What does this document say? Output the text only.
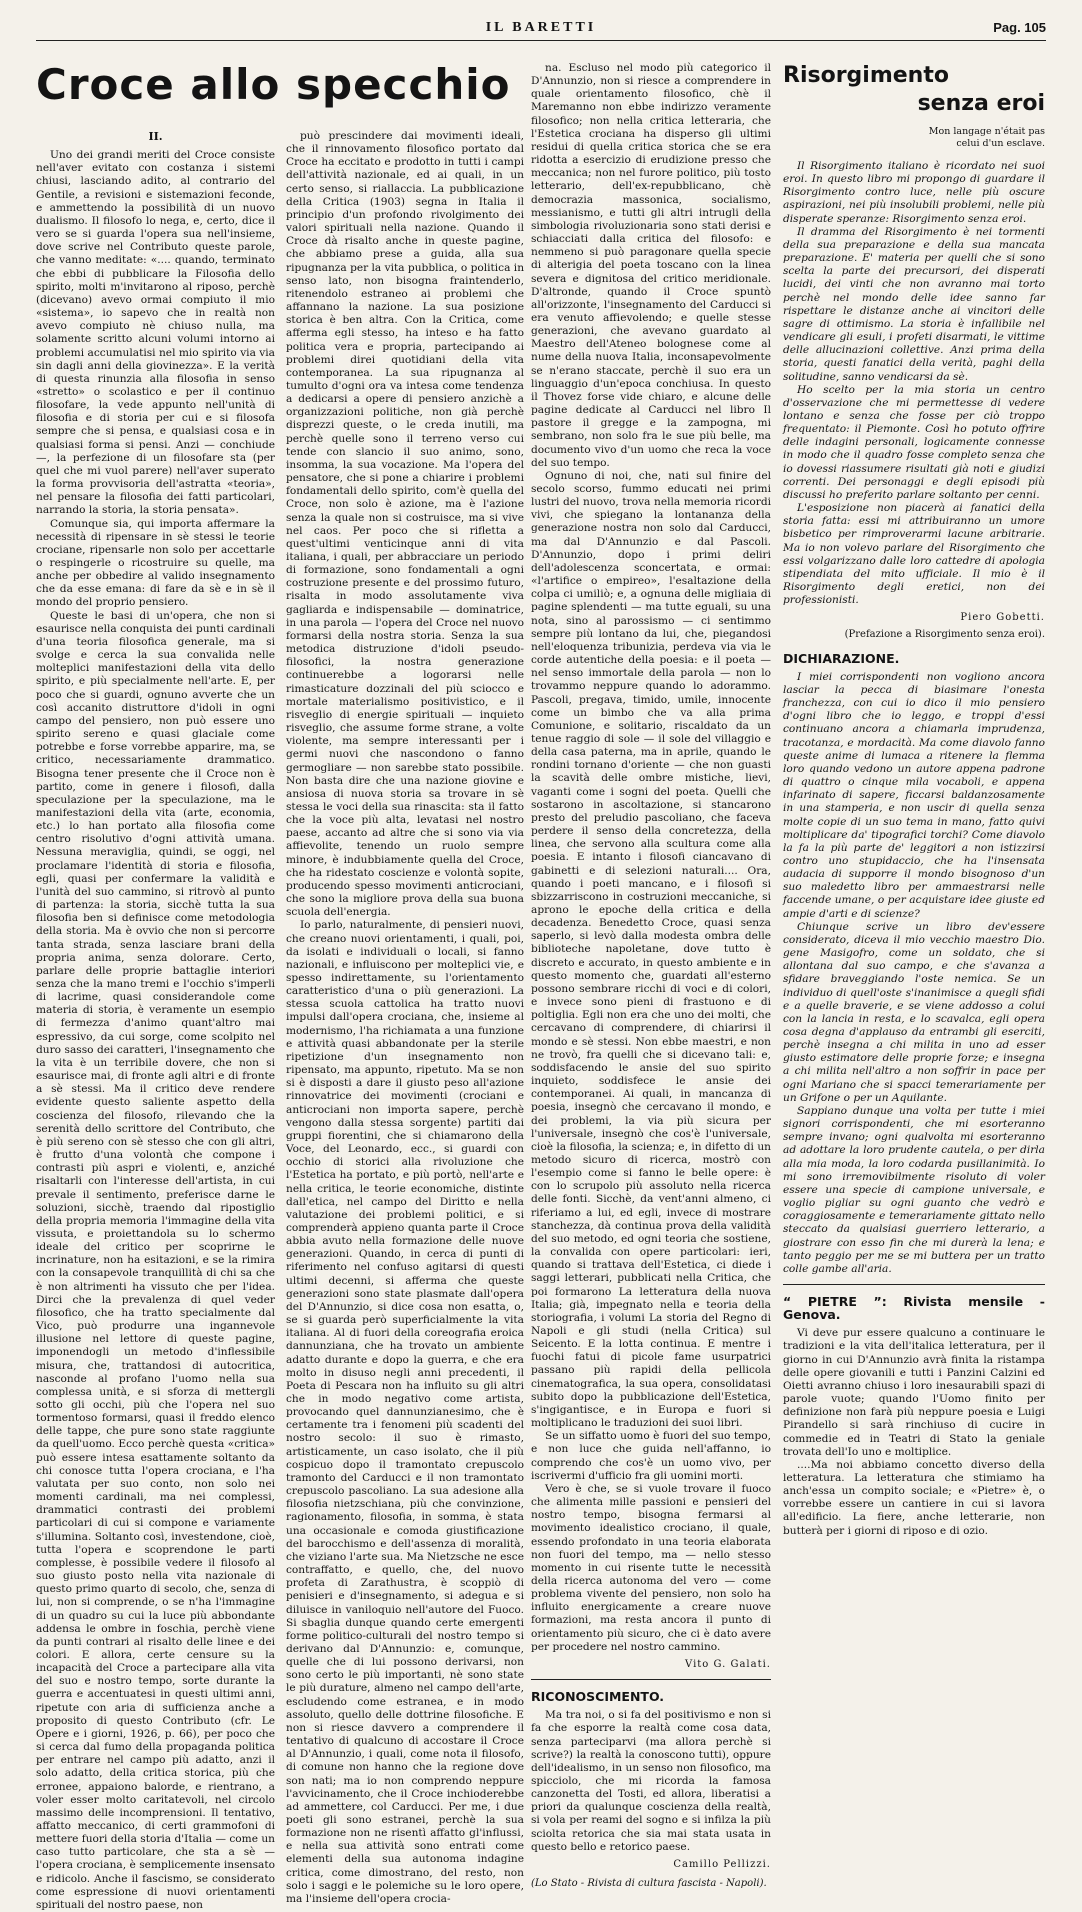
IL BARETTI	Pag. 105
Croce allo specchio
II.

Uno dei grandi meriti del Croce consiste nell'aver evitato con costanza i sistemi chiusi, lasciando adito, al contrario del Gentile, a revisioni e sistemazioni feconde, e ammettendo la possibilità di un nuovo dualismo. Il filosofo lo nega, e, certo, dice il vero se si guarda l'opera sua nell'insieme, dove scrive nel Contributo queste parole, che vanno meditate: «.... quando, terminato che ebbi di pubblicare la Filosofia dello spirito, molti m'invitarono al riposo, perchè (dicevano) avevo ormai compiuto il mio «sistema», io sapevo che in realtà non avevo compiuto nè chiuso nulla, ma solamente scritto alcuni volumi intorno ai problemi accumulatisi nel mio spirito via via sin dagli anni della giovinezza». E la verità di questa rinunzia alla filosofia in senso «stretto» o scolastico e per il continuo filosofare, la vede appunto nell'unità di filosofia e di storia per cui e si filosofa sempre che si pensa, e qualsiasi cosa e in qualsiasi forma si pensi. Anzi — conchiude —, la perfezione di un filosofare sta (per quel che mi vuol parere) nell'aver superato la forma provvisoria dell'astratta «teoria», nel pensare la filosofia dei fatti particolari, narrando la storia, la storia pensata».

Comunque sia, qui importa affermare la necessità di ripensare in sè stessi le teorie crociane, ripensarle non solo per accettarle o respingerle o ricostruire su quelle, ma anche per obbedire al valido insegnamento che da esse emana: di fare da sè e in sè il mondo del proprio pensiero.

Queste le basi di un'opera, che non si esaurisce nella conquista dei punti cardinali d'una teoria filosofica generale, ma si svolge e cerca la sua convalida nelle molteplici manifestazioni della vita dello spirito, e più specialmente nell'arte. E, per poco che si guardi, ognuno avverte che un così accanito distruttore d'idoli in ogni campo del pensiero, non può essere uno spirito sereno e quasi glaciale come potrebbe e forse vorrebbe apparire, ma, se critico, necessariamente drammatico. Bisogna tener presente che il Croce non è partito, come in genere i filosofi, dalla speculazione per la speculazione, ma le manifestazioni della vita (arte, economia, etc.) lo han portato alla filosofia come centro risolutivo d'ogni attività umana. Nessuna meraviglia, quindi, se oggi, nel proclamare l'identità di storia e filosofia, egli, quasi per confermare la validità e l'unità del suo cammino, si ritrovò al punto di partenza: la storia, sicchè tutta la sua filosofia ben si definisce come metodologia della storia. Ma è ovvio che non si percorre tanta strada, senza lasciare brani della propria anima, senza dolorare. Certo, parlare delle proprie battaglie interiori senza che la mano tremi e l'occhio s'imperli di lacrime, quasi considerandole come materia di storia, è veramente un esempio di fermezza d'animo quant'altro mai espressivo, da cui sorge, come scolpito nel duro sasso dei caratteri, l'insegnamento che la vita è un terribile dovere, che non si esaurisce mai, di fronte agli altri e di fronte a sè stessi. Ma il critico deve rendere evidente questo saliente aspetto della coscienza del filosofo, rilevando che la serenità dello scrittore del Contributo, che è più sereno con sè stesso che con gli altri, è frutto d'una volontà che compone i contrasti più aspri e violenti, e, anziché risaltarli con l'interesse dell'artista, in cui prevale il sentimento, preferisce darne le soluzioni, sicchè, traendo dal ripostiglio della propria memoria l'immagine della vita vissuta, e proiettandola su lo schermo ideale del critico per scoprirne le incrinature, non ha esitazioni, e se la rimira con la consapevole tranquillità di chi sa che è non altrimenti ha vissuto che per l'idea. Dirci che la prevalenza di quel veder filosofico, che ha tratto specialmente dal Vico, può produrre una ingannevole illusione nel lettore di queste pagine, imponendogli un metodo d'inflessibile misura, che, trattandosi di autocritica, nasconde al profano l'uomo nella sua complessa unità, e si sforza di mettergli sotto gli occhi, più che l'opera nel suo tormentoso formarsi, quasi il freddo elenco delle tappe, che pure sono state raggiunte da quell'uomo. Ecco perchè questa «critica» può essere intesa esattamente soltanto da chi conosce tutta l'opera crociana, e l'ha valutata per suo conto, non solo nei momenti cardinali, ma nei complessi, drammatici contrasti dei problemi particolari di cui si compone e variamente s'illumina. Soltanto così, investendone, cioè, tutta l'opera e scoprendone le parti complesse, è possibile vedere il filosofo al suo giusto posto nella vita nazionale di questo primo quarto di secolo, che, senza di lui, non si comprende, o se n'ha l'immagine di un quadro su cui la luce più abbondante addensa le ombre in foschia, perchè viene da punti contrari al risalto delle linee e dei colori. E allora, certe censure su la incapacità del Croce a partecipare alla vita del suo e nostro tempo, sorte durante la guerra e accentuatesi in questi ultimi anni, ripetute con aria di sufficienza anche a proposito di questo Contributo (cfr. Le Opere e i giorni, 1926, p. 66), per poco che si cerca dal fumo della propaganda politica per entrare nel campo più adatto, anzi il solo adatto, della critica storica, più che erronee, appaiono balorde, e rientrano, a voler esser molto caritatevoli, nel circolo massimo delle incomprensioni. Il tentativo, affatto meccanico, di certi grammofoni di mettere fuori della storia d'Italia — come un caso tutto particolare, che sta a sè — l'opera crociana, è semplicemente insensato e ridicolo. Anche il fascismo, se considerato come espressione di nuovi orientamenti spirituali del nostro paese, non

può prescindere dai movimenti ideali, che il rinnovamento filosofico portato dal Croce ha eccitato e prodotto in tutti i campi dell'attività nazionale, ed ai quali, in un certo senso, si riallaccia. La pubblicazione della Critica (1903) segna in Italia il principio d'un profondo rivolgimento dei valori spirituali nella nazione. Quando il Croce dà risalto anche in queste pagine, che abbiamo prese a guida, alla sua ripugnanza per la vita pubblica, o politica in senso lato, non bisogna fraintenderlo, ritenendolo estraneo ai problemi che affannano la nazione. La sua posizione storica è ben altra. Con la Critica, come afferma egli stesso, ha inteso e ha fatto politica vera e propria, partecipando ai problemi direi quotidiani della vita contemporanea. La sua ripugnanza al tumulto d'ogni ora va intesa come tendenza a dedicarsi a opere di pensiero anzichè a organizzazioni politiche, non già perchè disprezzi queste, o le creda inutili, ma perchè quelle sono il terreno verso cui tende con slancio il suo animo, sono, insomma, la sua vocazione. Ma l'opera del pensatore, che si pone a chiarire i problemi fondamentali dello spirito, com'è quella del Croce, non solo è azione, ma è l'azione senza la quale non si costruisce, ma si vive nel caos. Per poco che si rifletta a quest'ultimi venticinque anni di vita italiana, i quali, per abbracciare un periodo di formazione, sono fondamentali a ogni costruzione presente e del prossimo futuro, risalta in modo assolutamente viva gagliarda e indispensabile — dominatrice, in una parola — l'opera del Croce nel nuovo formarsi della nostra storia. Senza la sua metodica distruzione d'idoli pseudo-filosofici, la nostra generazione continuerebbe a logorarsi nelle rimasticature dozzinali del più sciocco e mortale materialismo positivistico, e il risveglio di energie spirituali — inquieto risveglio, che assume forme strane, a volte violente, ma sempre interessanti per i germi nuovi che nascondono o fanno germogliare — non sarebbe stato possibile. Non basta dire che una nazione giovine e ansiosa di nuova storia sa trovare in sè stessa le voci della sua rinascita: sta il fatto che la voce più alta, levatasi nel nostro paese, accanto ad altre che si sono via via affievolite, tenendo un ruolo sempre minore, è indubbiamente quella del Croce, che ha ridestato coscienze e volontà sopite, producendo spesso movimenti anticrociani, che sono la migliore prova della sua buona scuola dell'energia.

Io parlo, naturalmente, di pensieri nuovi, che creano nuovi orientamenti, i quali, poi, da isolati e individuali o locali, si fanno nazionali, e influiscono per molteplici vie, e spesso indirettamente, su l'orientamento caratteristico d'una o più generazioni. La stessa scuola cattolica ha tratto nuovi impulsi dall'opera crociana, che, insieme al modernismo, l'ha richiamata a una funzione e attività quasi abbandonate per la sterile ripetizione d'un insegnamento non ripensato, ma appunto, ripetuto. Ma se non si è disposti a dare il giusto peso all'azione rinnovatrice dei movimenti (crociani e anticrociani non importa sapere, perchè vengono dalla stessa sorgente) partiti dai gruppi fiorentini, che si chiamarono della Voce, del Leonardo, ecc., si guardi con occhio di storici alla rivoluzione che l'Estetica ha portato, e più portò, nell'arte e nella critica, le teorie economiche, distinte dall'etica, nel campo del Diritto e nella valutazione dei problemi politici, e si comprenderà appieno quanta parte il Croce abbia avuto nella formazione delle nuove generazioni. Quando, in cerca di punti di riferimento nel confuso agitarsi di questi ultimi decenni, si afferma che queste generazioni sono state plasmate dall'opera del D'Annunzio, si dice cosa non esatta, o, se si guarda però superficialmente la vita italiana. Al di fuori della coreografia eroica dannunziana, che ha trovato un ambiente adatto durante e dopo la guerra, e che era molto in disuso negli anni precedenti, il Poeta di Pescara non ha influito su gli altri che in modo negativo come artista, provocando quel dannunzianesimo, che è certamente tra i fenomeni più scadenti del nostro secolo: il suo è rimasto, artisticamente, un caso isolato, che il più cospicuo dopo il tramontato crepuscolo tramonto del Carducci e il non tramontato crepuscolo pascoliano. La sua adesione alla filosofia nietzschiana, più che convinzione, ragionamento, filosofia, in somma, è stata una occasionale e comoda giustificazione del barocchismo e dell'assenza di moralità, che viziano l'arte sua. Ma Nietzsche ne esce contraffatto, e quello, che, del nuovo profeta di Zarathustra, è scoppiò di penisieri e d'insegnamento, si adegua e si diluisce in vaniloquio nell'autore del Fuoco. Si sbaglia dunque quando certe emergenti forme politico-culturali del nostro tempo si derivano dal D'Annunzio: e, comunque, quelle che di lui possono derivarsi, non sono certo le più importanti, nè sono state le più durature, almeno nel campo dell'arte, escludendo come estranea, e in modo assoluto, quello delle dottrine filosofiche. E non si riesce davvero a comprendere il tentativo di qualcuno di accostare il Croce al D'Annunzio, i quali, come nota il filosofo, di comune non hanno che la regione dove son nati; ma io non comprendo neppure l'avvicinamento, che il Croce inchioderebbe ad ammettere, col Carducci. Per me, i due poeti gli sono estranei, perchè la sua formazione non ne risentì affatto gl'influssi, e nella sua attività sono entrati come elementi della sua autonoma indagine critica, come dimostrano, del resto, non solo i saggi e le polemiche su le loro opere, ma l'insieme dell'opera crocia-

na. Escluso nel modo più categorico il D'Annunzio, non si riesce a comprendere in quale orientamento filosofico, chè il Maremanno non ebbe indirizzo veramente filosofico; non nella critica letteraria, che l'Estetica crociana ha disperso gli ultimi residui di quella critica storica che se era ridotta a esercizio di erudizione presso che meccanica; non nel furore politico, più tosto letterario, dell'ex-repubblicano, chè democrazia massonica, socialismo, messianismo, e tutti gli altri intrugli della simbologia rivoluzionaria sono stati derisi e schiacciati dalla critica del filosofo: e nemmeno si può paragonare quella specie di alterigia del poeta toscano con la linea severa e dignitosa del critico meridionale. D'altronde, quando il Croce spuntò all'orizzonte, l'insegnamento del Carducci si era venuto affievolendo; e quelle stesse generazioni, che avevano guardato al Maestro dell'Ateneo bolognese come al nume della nuova Italia, inconsapevolmente se n'erano staccate, perchè il suo era un linguaggio d'un'epoca conchiusa. In questo il Thovez forse vide chiaro, e alcune delle pagine dedicate al Carducci nel libro Il pastore il gregge e la zampogna, mi sembrano, non solo fra le sue più belle, ma documento vivo d'un uomo che reca la voce del suo tempo.

Ognuno di noi, che, nati sul finire del secolo scorso, fummo educati nei primi lustri del nuovo, trova nella memoria ricordi vivi, che spiegano la lontananza della generazione nostra non solo dal Carducci, ma dal D'Annunzio e dal Pascoli. D'Annunzio, dopo i primi deliri dell'adolescenza sconcertata, e ormai: «l'artifice o empireo», l'esaltazione della colpa ci umiliò; e, a ognuna delle migliaia di pagine splendenti — ma tutte eguali, su una nota, sino al parossismo — ci sentimmo sempre più lontano da lui, che, piegandosi nell'eloquenza tribunizia, perdeva via via le corde autentiche della poesia: e il poeta — nel senso immortale della parola — non lo trovammo neppure quando lo adorammo. Pascoli, pregava, timido, umile, innocente come un bimbo che va alla prima Comunione, e solitario, riscaldato da un tenue raggio di sole — il sole del villaggio e della casa paterna, ma in aprile, quando le rondini tornano d'oriente — che non guasti la scavità delle ombre mistiche, lievi, vaganti come i sogni del poeta. Quelli che sostarono in ascoltazione, si stancarono presto del preludio pascoliano, che faceva perdere il senso della concretezza, della linea, che servono alla scultura come alla poesia. E intanto i filosofi ciancavano di gabinetti e di selezioni naturali.... Ora, quando i poeti mancano, e i filosofi si sbizzarriscono in costruzioni meccaniche, si aprono le epoche della critica e della decadenza. Benedetto Croce, quasi senza saperlo, si levò dalla modesta ombra delle biblioteche napoletane, dove tutto è discreto e accurato, in questo ambiente e in questo momento che, guardati all'esterno possono sembrare ricchi di voci e di colori, e invece sono pieni di frastuono e di poltiglia. Egli non era che uno dei molti, che cercavano di comprendere, di chiarirsi il mondo e sè stessi. Non ebbe maestri, e non ne trovò, fra quelli che si dicevano tali: e, soddisfacendo le ansie del suo spirito inquieto, soddisfece le ansie dei contemporanei. Ai quali, in mancanza di poesia, insegnò che cercavano il mondo, e dei problemi, la via più sicura per l'universale, insegnò che cos'è l'universale, cioè la filosofia, la scienza; e, in difetto di un metodo sicuro di ricerca, mostrò con l'esempio come si fanno le belle opere: è con lo scrupolo più assoluto nella ricerca delle fonti. Sicchè, da vent'anni almeno, ci riferiamo a lui, ed egli, invece di mostrare stanchezza, dà continua prova della validità del suo metodo, ed ogni teoria che sostiene, la convalida con opere particolari: ieri, quando si trattava dell'Estetica, ci diede i saggi letterari, pubblicati nella Critica, che poi formarono La letteratura della nuova Italia; già, impegnato nella e teoria della storiografia, i volumi La storia del Regno di Napoli e gli studi (nella Critica) sul Seicento. E la lotta continua. E mentre i fuochi fatui di picole fame usurpatrici passano più rapidi della pellicola cinematografica, la sua opera, consolidatasi subito dopo la pubblicazione dell'Estetica, s'ingigantisce, e in Europa e fuori si moltiplicano le traduzioni dei suoi libri.

Se un siffatto uomo è fuori del suo tempo, e non luce che guida nell'affanno, io comprendo che cos'è un uomo vivo, per iscrivermi d'ufficio fra gli uomini morti.

Vero è che, se si vuole trovare il fuoco che alimenta mille passioni e pensieri del nostro tempo, bisogna fermarsi al movimento idealistico crociano, il quale, essendo profondato in una teoria elaborata non fuori del tempo, ma — nello stesso momento in cui risente tutte le necessità della ricerca autonoma del vero — come problema vivente del pensiero, non solo ha influito energicamente a creare nuove formazioni, ma resta ancora il punto di orientamento più sicuro, che ci è dato avere per procedere nel nostro cammino.

Vito G. Galati.
RICONOSCIMENTO.

Ma tra noi, o si fa del positivismo e non si fa che esporre la realtà come cosa data, senza parteciparvi (ma allora perchè si scrive?) la realtà la conoscono tutti), oppure dell'idealismo, in un senso non filosofico, ma spicciolo, che mi ricorda la famosa canzonetta del Tosti, ed allora, liberatisi a priori da qualunque coscienza della realtà, si vola per reami del sogno e si infilza la più sciolta retorica che sia mai stata usata in questo bello e retorico paese.

Camillo Pellizzi.

(Lo Stato - Rivista di cultura fascista - Napoli).

Risorgimento
senza eroi
Mon langage n'était pas
celui d'un esclave.

Il Risorgimento italiano è ricordato nei suoi eroi. In questo libro mi propongo di guardare il Risorgimento contro luce, nelle più oscure aspirazioni, nei più insolubili problemi, nelle più disperate speranze: Risorgimento senza eroi.

Il dramma del Risorgimento è nei tormenti della sua preparazione e della sua mancata preparazione. E' materia per quelli che si sono scelta la parte dei precursori, dei disperati lucidi, dei vinti che non avranno mai torto perchè nel mondo delle idee sanno far rispettare le distanze anche ai vincitori delle sagre di ottimismo. La storia è infallibile nel vendicare gli esuli, i profeti disarmati, le vittime delle allucinazioni collettive. Anzi prima della storia, questi fanatici della verità, paghi della solitudine, sanno vendicarsi da sè.

Ho scelto per la mia storia un centro d'osservazione che mi permettesse di vedere lontano e senza che fosse per ciò troppo frequentato: il Piemonte. Così ho potuto offrire delle indagini personali, logicamente connesse in modo che il quadro fosse completo senza che io dovessi riassumere risultati già noti e giudizi correnti. Dei personaggi e degli episodi più discussi ho preferito parlare soltanto per cenni.

L'esposizione non piacerà ai fanatici della storia fatta: essi mi attribuiranno un umore bisbetico per rimproverarmi lacune arbitrarie. Ma io non volevo parlare del Risorgimento che essi volgarizzano dalle loro cattedre di apologia stipendiata del mito ufficiale. Il mio è il Risorgimento degli eretici, non dei professionisti.

Piero Gobetti.
(Prefazione a Risorgimento senza eroi).
DICHIARAZIONE.

I miei corrispondenti non vogliono ancora lasciar la pecca di biasimare l'onesta franchezza, con cui io dico il mio pensiero d'ogni libro che io leggo, e troppi d'essi continuano ancora a chiamarla imprudenza, tracotanza, e mordacità. Ma come diavolo fanno queste anime di lumaca a ritenere la flemma loro quando vedono un autore appena padrone di quattro o cinque mila vocaboli, e appena infarinato di sapere, ficcarsi baldanzosamente in una stamperia, e non uscir di quella senza molte copie di un suo tema in mano, fatto quivi moltiplicare da' tipografici torchi? Come diavolo la fa la più parte de' leggitori a non istizzirsi contro uno stupidaccio, che ha l'insensata audacia di supporre il mondo bisognoso d'un suo maledetto libro per ammaestrarsi nelle faccende umane, o per acquistare idee giuste ed ampie d'arti e di scienze?

Chiunque scrive un libro dev'essere considerato, diceva il mio vecchio maestro Dio. gene Masigofro, come un soldato, che si allontana dal suo campo, e che s'avanza a sfidare braveggiando l'oste nemica. Se un individuo di quell'oste s'inanimisce a quegli sfidi e a quelle braverie, e se viene addosso a colui con la lancia in resta, e lo scavalca, egli opera cosa degna d'applauso da entrambi gli eserciti, perchè insegna a chi milita in uno ad esser giusto estimatore delle proprie forze; e insegna a chi milita nell'altro a non soffrir in pace per ogni Mariano che si spacci temerariamente per un Grifone o per un Aquilante.

Sappiano dunque una volta per tutte i miei signori corrispondenti, che mi esorteranno sempre invano; ogni qualvolta mi esorteranno ad adottare la loro prudente cautela, o per dirla alla mia moda, la loro codarda pusillanimità. Io mi sono irremovibilmente risoluto di voler essere una specie di campione universale, e voglio pigliar su ogni guanto che vedrò e coraggiosamente e temerariamente gittato nello steccato da qualsiasi guerriero letterario, a giostrare con esso fin che mi durerà la lena; e tanto peggio per me se mi buttera per un tratto colle gambe all'aria.

“ PIETRE ”: Rivista mensile - Genova.

Vi deve pur essere qualcuno a continuare le tradizioni e la vita dell'italica letteratura, per il giorno in cui D'Annunzio avrà finita la ristampa delle opere giovanili e tutti i Panzini Calzini ed Oietti avranno chiuso i loro inesaurabili spazi di parole vuote; quando l'Uomo finito per definizione non farà più neppure poesia e Luigi Pirandello si sarà rinchiuso di cucire in commedie ed in Teatri di Stato la geniale trovata dell'Io uno e moltiplice.

....Ma noi abbiamo concetto diverso della letteratura. La letteratura che stimiamo ha anch'essa un compito sociale; e «Pietre» è, o vorrebbe essere un cantiere in cui si lavora all'edificio. La fiere, anche letterarie, non butterà per i giorni di riposo e di ozio.
